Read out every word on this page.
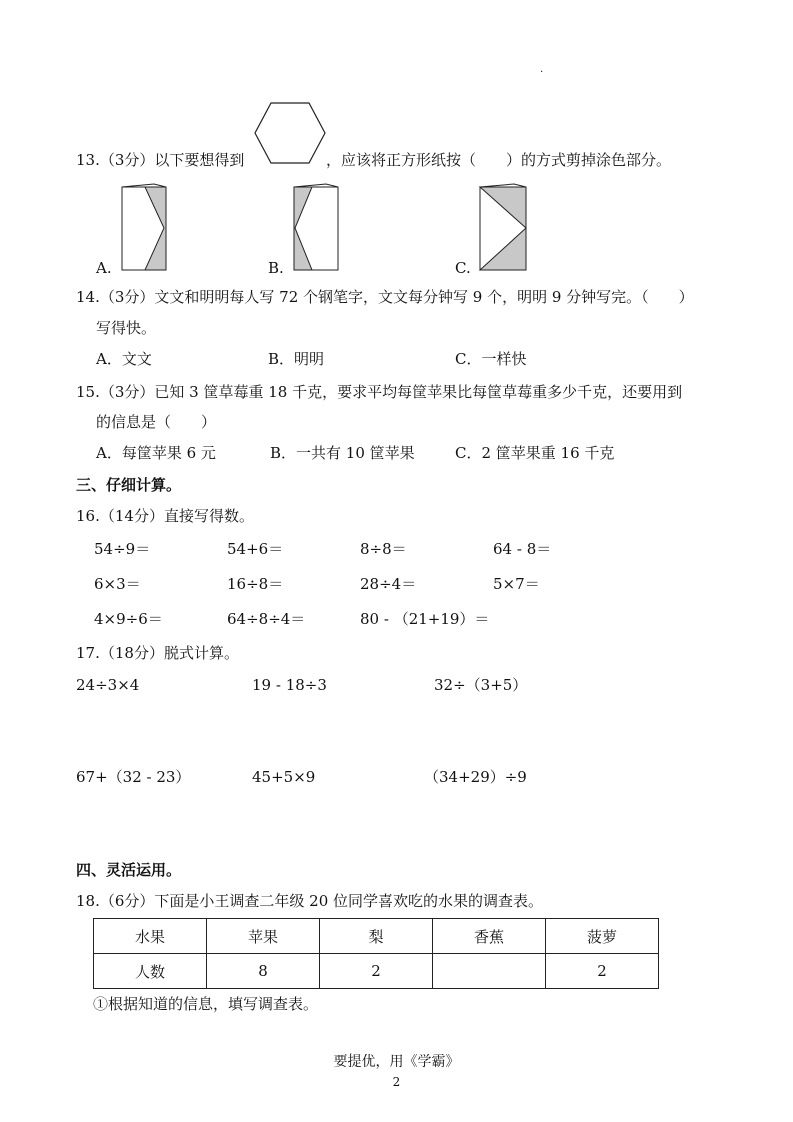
.
13.（3分）以下要想得到	，应该将正方形纸按（　　）的方式剪掉涂色部分。
A.	B.	C.
14.（3分）文文和明明每人写 72 个钢笔字，文文每分钟写 9 个，明明 9 分钟写完。（　　）
写得快。
A．文文	B．明明	C．一样快
15.（3分）已知 3 筐草莓重 18 千克，要求平均每筐苹果比每筐草莓重多少千克，还要用到
的信息是（　　）
A．每筐苹果 6 元	B．一共有 10 筐苹果	C．2 筐苹果重 16 千克
三、仔细计算。
16.（14分）直接写得数。
54÷9＝	54+6＝	8÷8＝	64 - 8＝
6×3＝	16÷8＝	28÷4＝	5×7＝
4×9÷6＝	64÷8÷4＝	80 - （21+19）＝
17.（18分）脱式计算。
24÷3×4	19 - 18÷3	32÷（3+5）
67+（32 - 23）	45+5×9	（34+29）÷9
四、灵活运用。
18.（6分）下面是小王调查二年级 20 位同学喜欢吃的水果的调查表。
水果	苹果	梨	香蕉	菠萝
人数	8	2		2
①根据知道的信息，填写调查表。
要提优，用《学霸》
2
